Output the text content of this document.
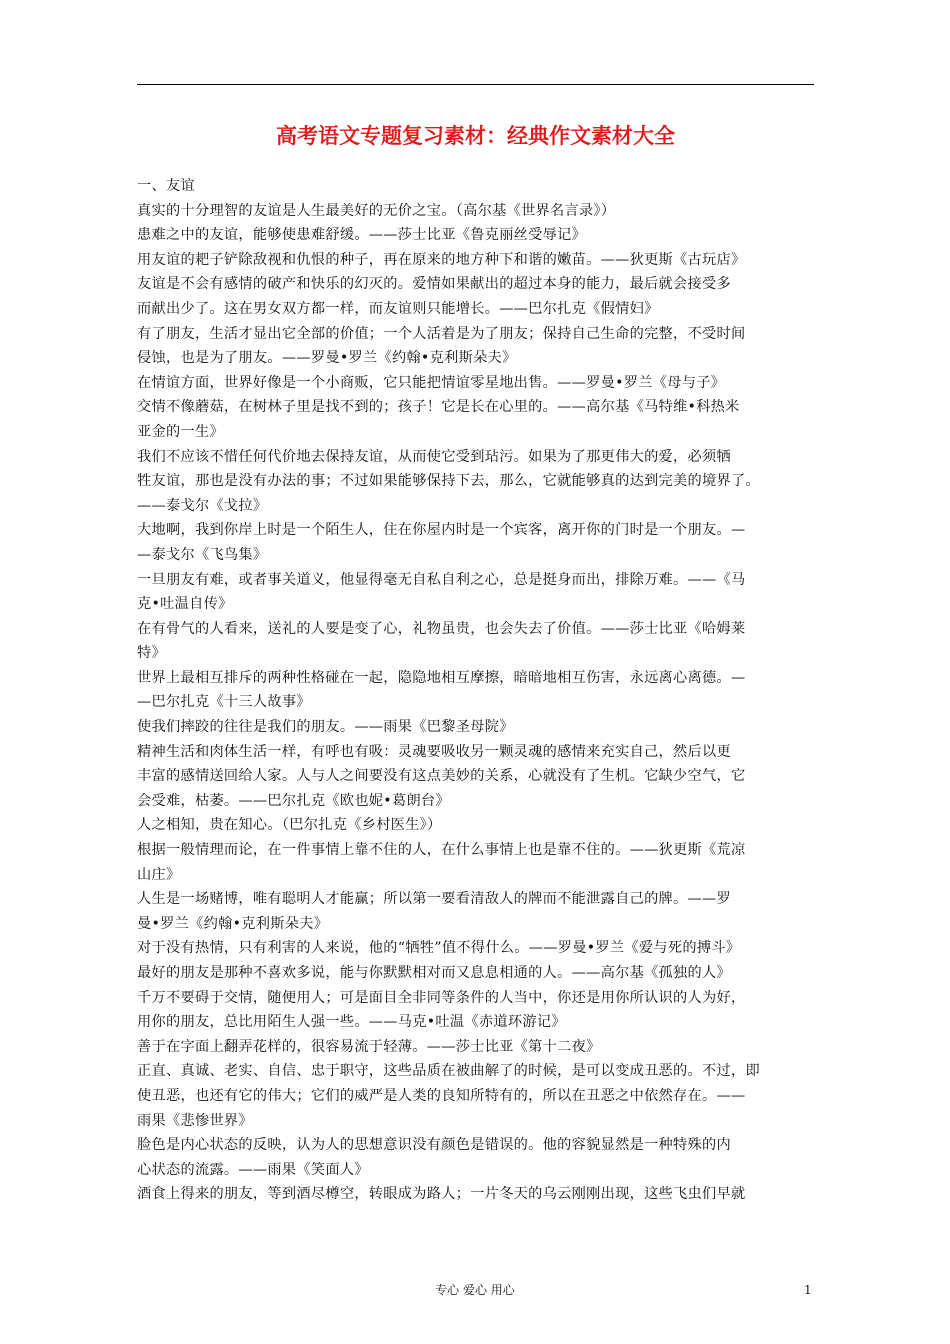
高考语文专题复习素材：经典作文素材大全
一、友谊
真实的十分理智的友谊是人生最美好的无价之宝。（高尔基《世界名言录》）
患难之中的友谊，能够使患难舒缓。——莎士比亚《鲁克丽丝受辱记》
用友谊的耙子铲除敌视和仇恨的种子，再在原来的地方种下和谐的嫩苗。——狄更斯《古玩店》
友谊是不会有感情的破产和快乐的幻灭的。爱情如果献出的超过本身的能力，最后就会接受多
而献出少了。这在男女双方都一样，而友谊则只能增长。——巴尔扎克《假情妇》
有了朋友，生活才显出它全部的价值；一个人活着是为了朋友；保持自己生命的完整，不受时间
侵蚀，也是为了朋友。——罗曼•罗兰《约翰•克利斯朵夫》
在情谊方面，世界好像是一个小商贩，它只能把情谊零星地出售。——罗曼•罗兰《母与子》
交情不像蘑菇，在树林子里是找不到的；孩子！它是长在心里的。——高尔基《马特维•科热米
亚金的一生》
我们不应该不惜任何代价地去保持友谊，从而使它受到玷污。如果为了那更伟大的爱，必须牺
牲友谊，那也是没有办法的事；不过如果能够保持下去，那么，它就能够真的达到完美的境界了。
——泰戈尔《戈拉》
大地啊，我到你岸上时是一个陌生人，住在你屋内时是一个宾客，离开你的门时是一个朋友。—
—泰戈尔《飞鸟集》
一旦朋友有难，或者事关道义，他显得毫无自私自利之心，总是挺身而出，排除万难。——《马
克•吐温自传》
在有骨气的人看来，送礼的人要是变了心，礼物虽贵，也会失去了价值。——莎士比亚《哈姆莱
特》
世界上最相互排斥的两种性格碰在一起，隐隐地相互摩擦，暗暗地相互伤害，永远离心离德。—
—巴尔扎克《十三人故事》
使我们摔跤的往往是我们的朋友。——雨果《巴黎圣母院》
精神生活和肉体生活一样，有呼也有吸：灵魂要吸收另一颗灵魂的感情来充实自己，然后以更
丰富的感情送回给人家。人与人之间要没有这点美妙的关系，心就没有了生机。它缺少空气，它
会受难，枯萎。——巴尔扎克《欧也妮•葛朗台》
人之相知，贵在知心。（巴尔扎克《乡村医生》）
根据一般情理而论，在一件事情上靠不住的人，在什么事情上也是靠不住的。——狄更斯《荒凉
山庄》
人生是一场赌博，唯有聪明人才能赢；所以第一要看清敌人的牌而不能泄露自己的牌。——罗
曼•罗兰《约翰•克利斯朵夫》
对于没有热情，只有利害的人来说，他的“牺牲”值不得什么。——罗曼•罗兰《爱与死的搏斗》
最好的朋友是那种不喜欢多说，能与你默默相对而又息息相通的人。——高尔基《孤独的人》
千万不要碍于交情，随便用人；可是面目全非同等条件的人当中，你还是用你所认识的人为好，
用你的朋友，总比用陌生人强一些。——马克•吐温《赤道环游记》
善于在字面上翻弄花样的，很容易流于轻薄。——莎士比亚《第十二夜》
正直、真诚、老实、自信、忠于职守，这些品质在被曲解了的时候，是可以变成丑恶的。不过，即
使丑恶，也还有它的伟大；它们的威严是人类的良知所特有的，所以在丑恶之中依然存在。——
雨果《悲惨世界》
脸色是内心状态的反映，认为人的思想意识没有颜色是错误的。他的容貌显然是一种特殊的内
心状态的流露。——雨果《笑面人》
酒食上得来的朋友，等到酒尽樽空，转眼成为路人；一片冬天的乌云刚刚出现，这些飞虫们早就
专心 爱心 用心	1
